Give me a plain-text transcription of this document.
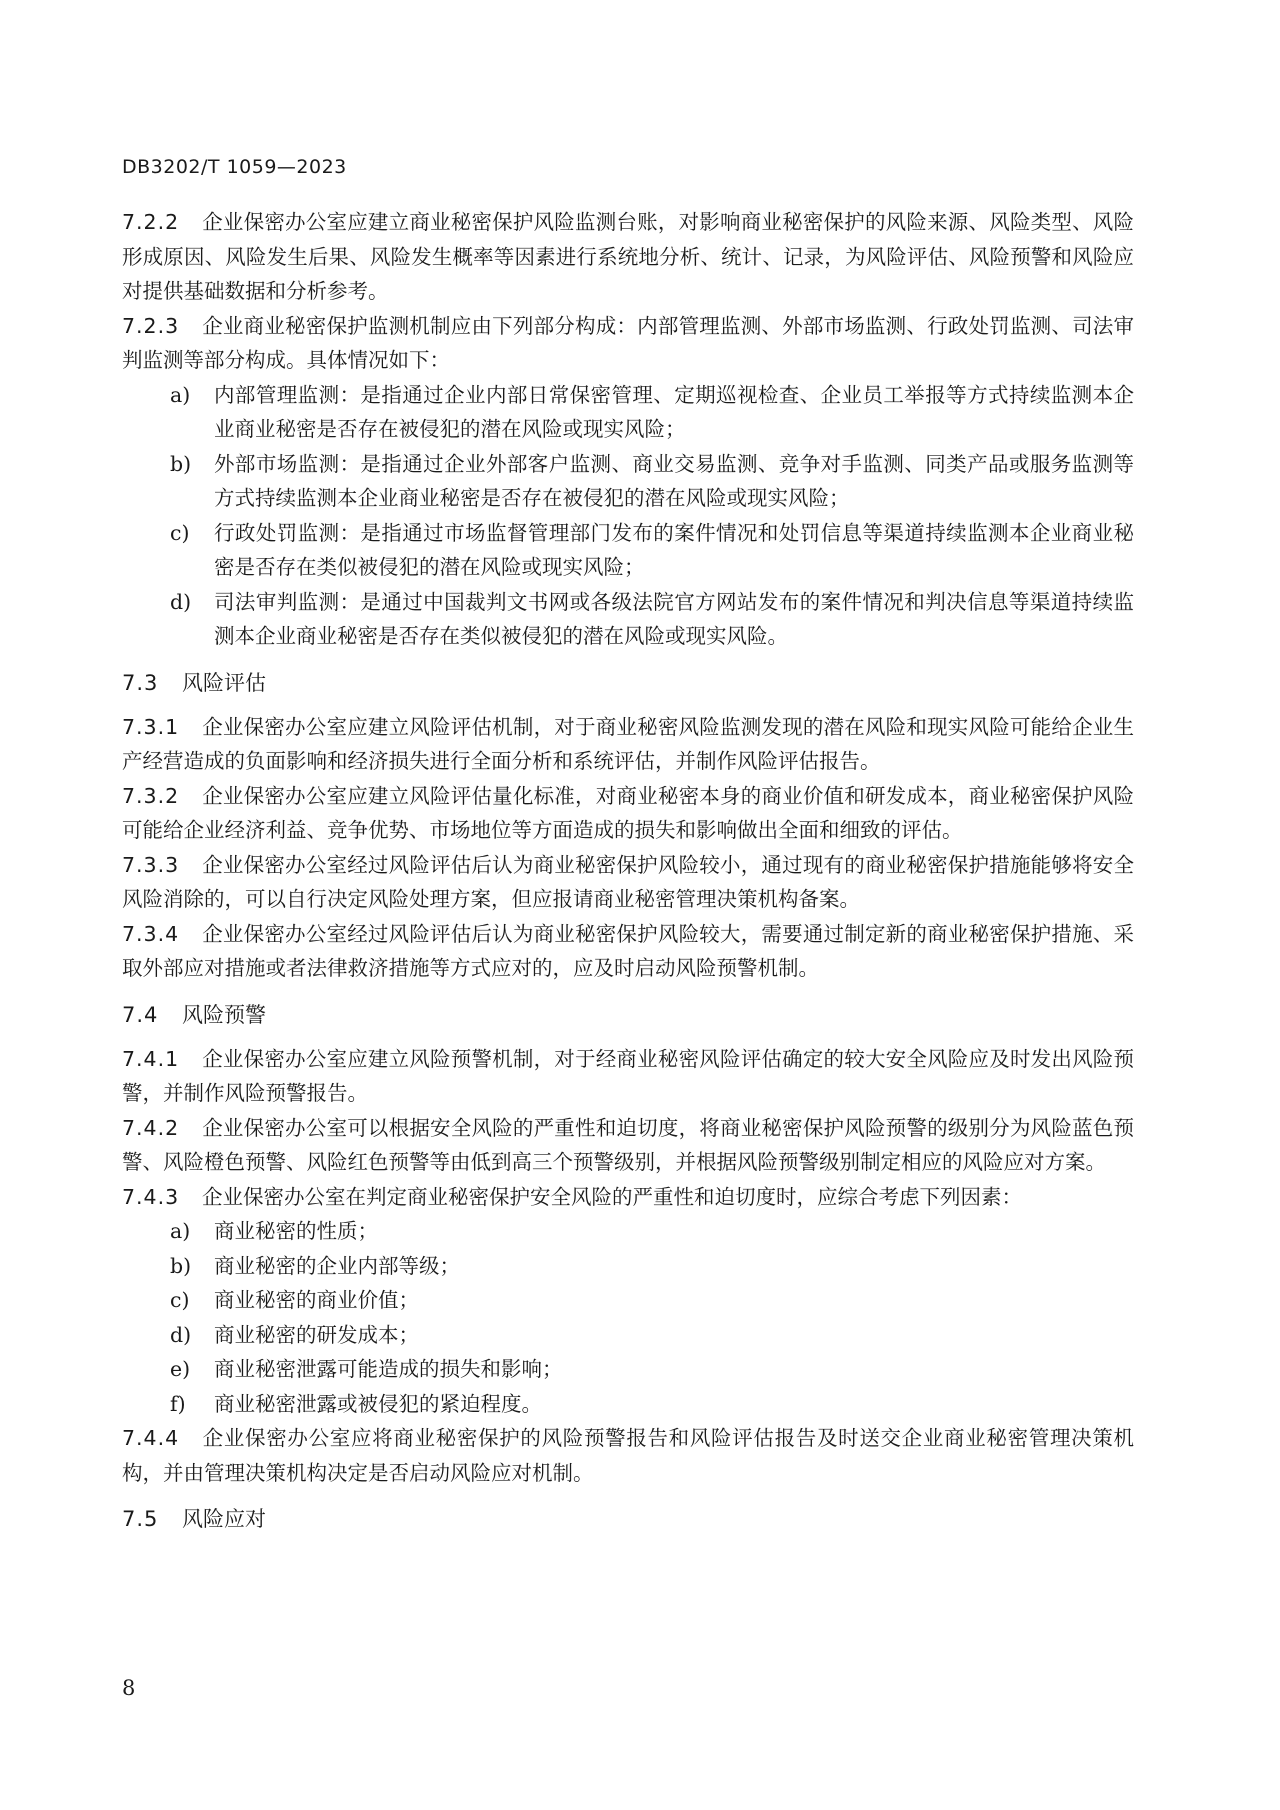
DB3202/T 1059—2023

7.2.2 企业保密办公室应建立商业秘密保护风险监测台账，对影响商业秘密保护的风险来源、风险类型、风险形成原因、风险发生后果、风险发生概率等因素进行系统地分析、统计、记录，为风险评估、风险预警和风险应对提供基础数据和分析参考。

7.2.3 企业商业秘密保护监测机制应由下列部分构成：内部管理监测、外部市场监测、行政处罚监测、司法审判监测等部分构成。具体情况如下：

a) 内部管理监测：是指通过企业内部日常保密管理、定期巡视检查、企业员工举报等方式持续监测本企业商业秘密是否存在被侵犯的潜在风险或现实风险；

b) 外部市场监测：是指通过企业外部客户监测、商业交易监测、竞争对手监测、同类产品或服务监测等方式持续监测本企业商业秘密是否存在被侵犯的潜在风险或现实风险；

c) 行政处罚监测：是指通过市场监督管理部门发布的案件情况和处罚信息等渠道持续监测本企业商业秘密是否存在类似被侵犯的潜在风险或现实风险；

d) 司法审判监测：是通过中国裁判文书网或各级法院官方网站发布的案件情况和判决信息等渠道持续监测本企业商业秘密是否存在类似被侵犯的潜在风险或现实风险。

7.3 风险评估

7.3.1 企业保密办公室应建立风险评估机制，对于商业秘密风险监测发现的潜在风险和现实风险可能给企业生产经营造成的负面影响和经济损失进行全面分析和系统评估，并制作风险评估报告。

7.3.2 企业保密办公室应建立风险评估量化标准，对商业秘密本身的商业价值和研发成本，商业秘密保护风险可能给企业经济利益、竞争优势、市场地位等方面造成的损失和影响做出全面和细致的评估。

7.3.3 企业保密办公室经过风险评估后认为商业秘密保护风险较小，通过现有的商业秘密保护措施能够将安全风险消除的，可以自行决定风险处理方案，但应报请商业秘密管理决策机构备案。

7.3.4 企业保密办公室经过风险评估后认为商业秘密保护风险较大，需要通过制定新的商业秘密保护措施、采取外部应对措施或者法律救济措施等方式应对的，应及时启动风险预警机制。

7.4 风险预警

7.4.1 企业保密办公室应建立风险预警机制，对于经商业秘密风险评估确定的较大安全风险应及时发出风险预警，并制作风险预警报告。

7.4.2 企业保密办公室可以根据安全风险的严重性和迫切度，将商业秘密保护风险预警的级别分为风险蓝色预警、风险橙色预警、风险红色预警等由低到高三个预警级别，并根据风险预警级别制定相应的风险应对方案。

7.4.3 企业保密办公室在判定商业秘密保护安全风险的严重性和迫切度时，应综合考虑下列因素：

a) 商业秘密的性质；

b) 商业秘密的企业内部等级；

c) 商业秘密的商业价值；

d) 商业秘密的研发成本；

e) 商业秘密泄露可能造成的损失和影响；

f) 商业秘密泄露或被侵犯的紧迫程度。

7.4.4 企业保密办公室应将商业秘密保护的风险预警报告和风险评估报告及时送交企业商业秘密管理决策机构，并由管理决策机构决定是否启动风险应对机制。

7.5 风险应对
8
